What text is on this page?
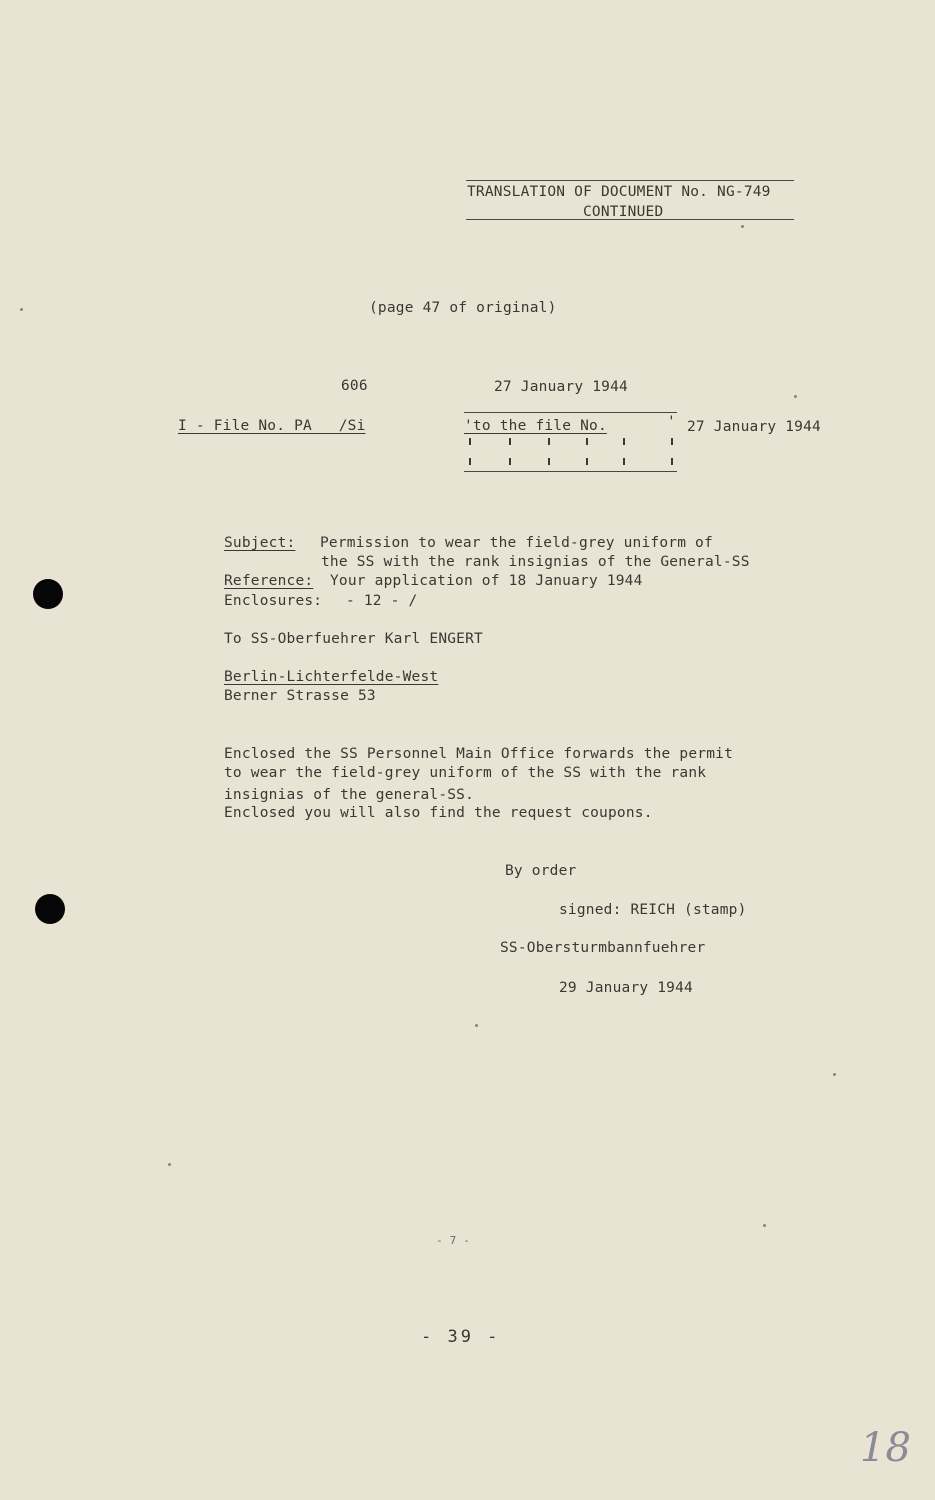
TRANSLATION OF DOCUMENT No. NG-749
CONTINUED
(page 47 of original)
606	27 January 1944
I - File No. PA   /Si	'to the file No.	' 27 January 1944
Subject: Permission to wear the field-grey uniform of
the SS with the rank insignias of the General-SS
Reference: Your application of 18 January 1944
Enclosures: - 12 - /
To SS-Oberfuehrer Karl ENGERT
Berlin-Lichterfelde-West
Berner Strasse 53
Enclosed the SS Personnel Main Office forwards the permit
to wear the field-grey uniform of the SS with the rank
insignias of the general-SS.
Enclosed you will also find the request coupons.
By order
signed: REICH (stamp)
SS-Obersturmbannfuehrer
29 January 1944
- 7 -
- 39 -
18
